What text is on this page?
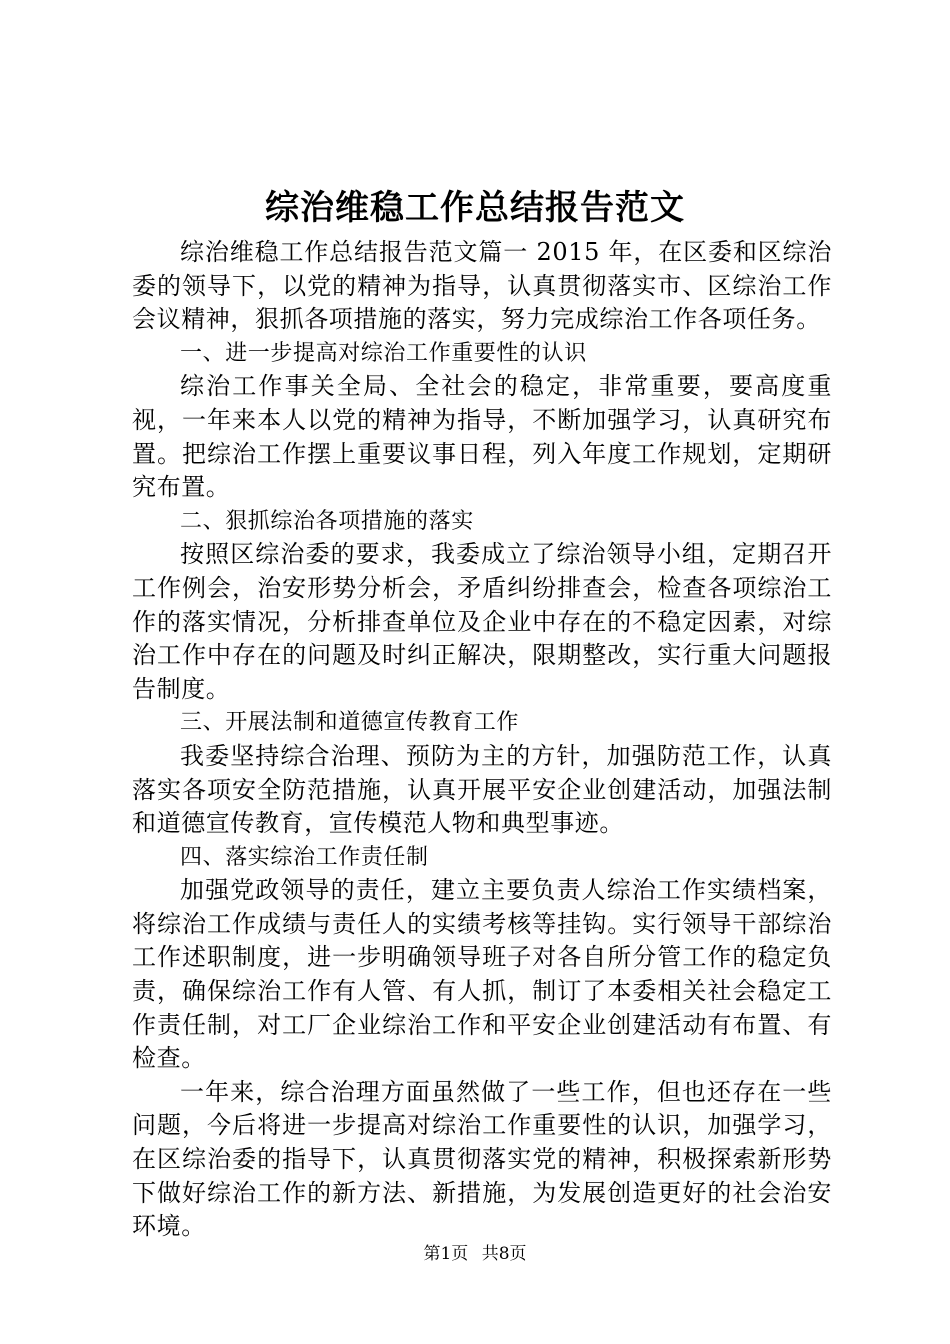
综治维稳工作总结报告范文

综治维稳工作总结报告范文篇一 2015 年，在区委和区综治委的领导下，以党的精神为指导，认真贯彻落实市、区综治工作会议精神，狠抓各项措施的落实，努力完成综治工作各项任务。

一、进一步提高对综治工作重要性的认识

综治工作事关全局、全社会的稳定，非常重要，要高度重视，一年来本人以党的精神为指导，不断加强学习，认真研究布置。把综治工作摆上重要议事日程，列入年度工作规划，定期研究布置。

二、狠抓综治各项措施的落实

按照区综治委的要求，我委成立了综治领导小组，定期召开工作例会，治安形势分析会，矛盾纠纷排查会，检查各项综治工作的落实情况，分析排查单位及企业中存在的不稳定因素，对综治工作中存在的问题及时纠正解决，限期整改，实行重大问题报告制度。

三、开展法制和道德宣传教育工作

我委坚持综合治理、预防为主的方针，加强防范工作，认真落实各项安全防范措施，认真开展平安企业创建活动，加强法制和道德宣传教育，宣传模范人物和典型事迹。

四、落实综治工作责任制

加强党政领导的责任，建立主要负责人综治工作实绩档案，将综治工作成绩与责任人的实绩考核等挂钩。实行领导干部综治工作述职制度，进一步明确领导班子对各自所分管工作的稳定负责，确保综治工作有人管、有人抓，制订了本委相关社会稳定工作责任制，对工厂企业综治工作和平安企业创建活动有布置、有检查。

一年来，综合治理方面虽然做了一些工作，但也还存在一些问题，今后将进一步提高对综治工作重要性的认识，加强学习，在区综治委的指导下，认真贯彻落实党的精神，积极探索新形势下做好综治工作的新方法、新措施，为发展创造更好的社会治安环境。

第1页 共8页
